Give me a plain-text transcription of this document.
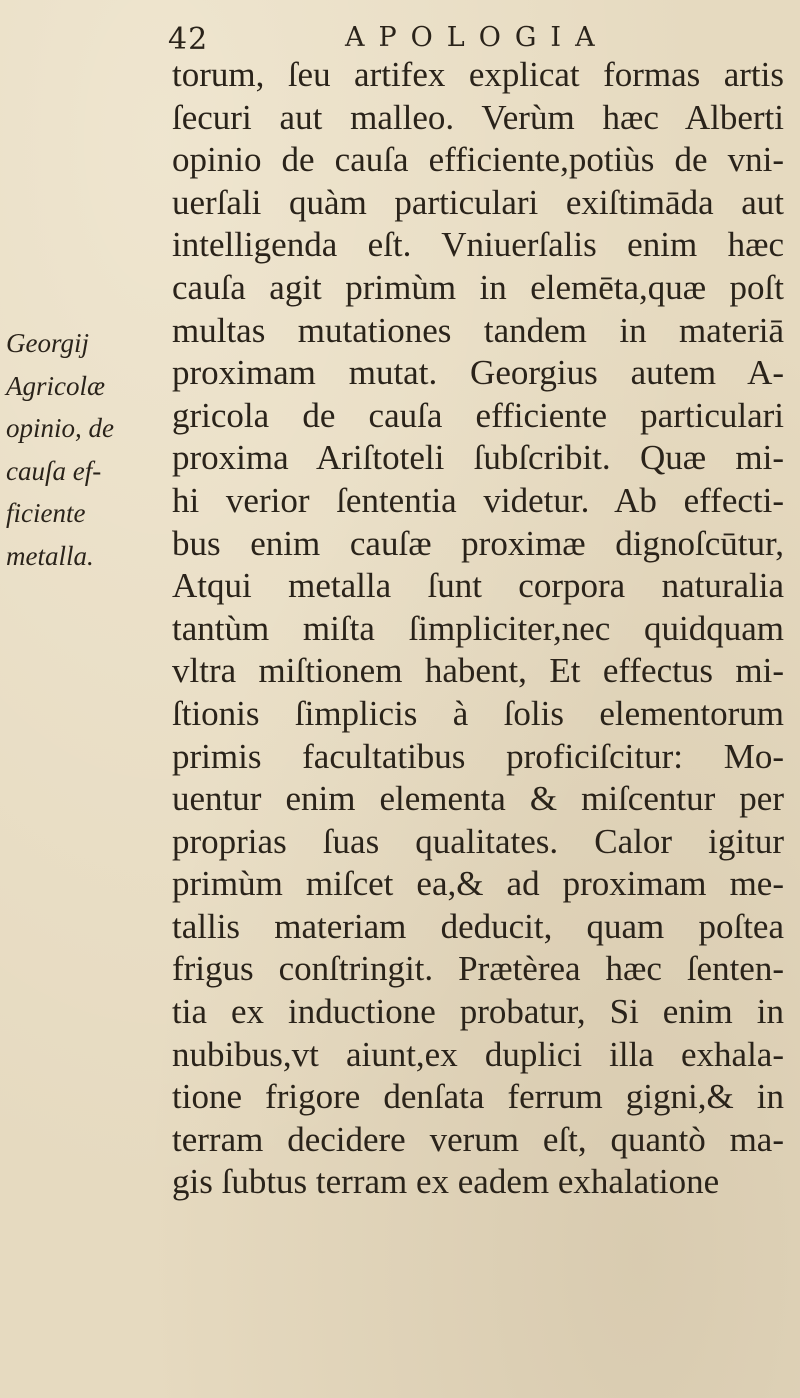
42	APOLOGIA
Georgij
Agricolæ
opinio, de
cauſa ef-
ficiente
metalla.
torum, ſeu artifex explicat formas artis
ſecuri aut malleo. Verùm hæc Alberti
opinio de cauſa efficiente,potiùs de vni-
uerſali quàm particulari exiſtimāda aut
intelligenda eſt. Vniuerſalis enim hæc
cauſa agit primùm in elemēta,quæ poſt
multas mutationes tandem in materiā
proximam mutat. Georgius autem A-
gricola de cauſa efficiente particulari
proxima Ariſtoteli ſubſcribit. Quæ mi-
hi verior ſententia videtur. Ab effecti-
bus enim cauſæ proximæ dignoſcūtur,
Atqui metalla ſunt corpora naturalia
tantùm miſta ſimpliciter,nec quidquam
vltra miſtionem habent, Et effectus mi-
ſtionis ſimplicis à ſolis elementorum
primis facultatibus proficiſcitur: Mo-
uentur enim elementa & miſcentur per
proprias ſuas qualitates. Calor igitur
primùm miſcet ea,& ad proximam me-
tallis materiam deducit, quam poſtea
frigus conſtringit. Prætèrea hæc ſenten-
tia ex inductione probatur, Si enim in
nubibus,vt aiunt,ex duplici illa exhala-
tione frigore denſata ferrum gigni,& in
terram decidere verum eſt, quantò ma-
gis ſubtus terram ex eadem exhalatione
